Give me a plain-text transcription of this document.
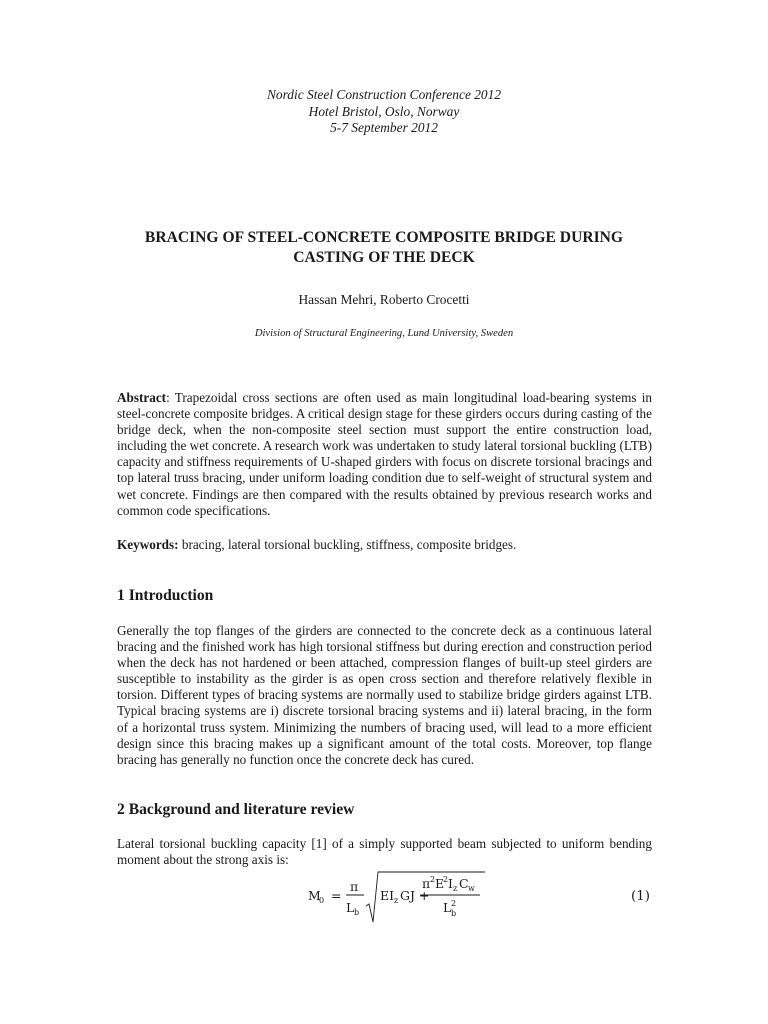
Nordic Steel Construction Conference 2012
Hotel Bristol, Oslo, Norway
5-7 September 2012
BRACING OF STEEL-CONCRETE COMPOSITE BRIDGE DURING
CASTING OF THE DECK
Hassan Mehri, Roberto Crocetti
Division of Structural Engineering, Lund University, Sweden
Abstract: Trapezoidal cross sections are often used as main longitudinal load-bearing systems in steel-concrete composite bridges. A critical design stage for these girders occurs during casting of the bridge deck, when the non-composite steel section must support the entire construction load, including the wet concrete. A research work was undertaken to study lateral torsional buckling (LTB) capacity and stiffness requirements of U-shaped girders with focus on discrete torsional bracings and top lateral truss bracing, under uniform loading condition due to self-weight of structural system and wet concrete. Findings are then compared with the results obtained by previous research works and common code specifications.
Keywords: bracing, lateral torsional buckling, stiffness, composite bridges.
1 Introduction
Generally the top flanges of the girders are connected to the concrete deck as a continuous lateral bracing and the finished work has high torsional stiffness but during erection and construction period when the deck has not hardened or been attached, compression flanges of built-up steel girders are susceptible to instability as the girder is as open cross section and therefore relatively flexible in torsion. Different types of bracing systems are normally used to stabilize bridge girders against LTB. Typical bracing systems are i) discrete torsional bracing systems and ii) lateral bracing, in the form of a horizontal truss system. Minimizing the numbers of bracing used, will lead to a more efficient design since this bracing makes up a significant amount of the total costs. Moreover, top flange bracing has generally no function once the concrete deck has cured.
2 Background and literature review
Lateral torsional buckling capacity [1] of a simply supported beam subjected to uniform bending moment about the strong axis is:
M
0 =
π
L b
EI z GJ +
π 2 E
2 I z C w
L 2
b
(1)
